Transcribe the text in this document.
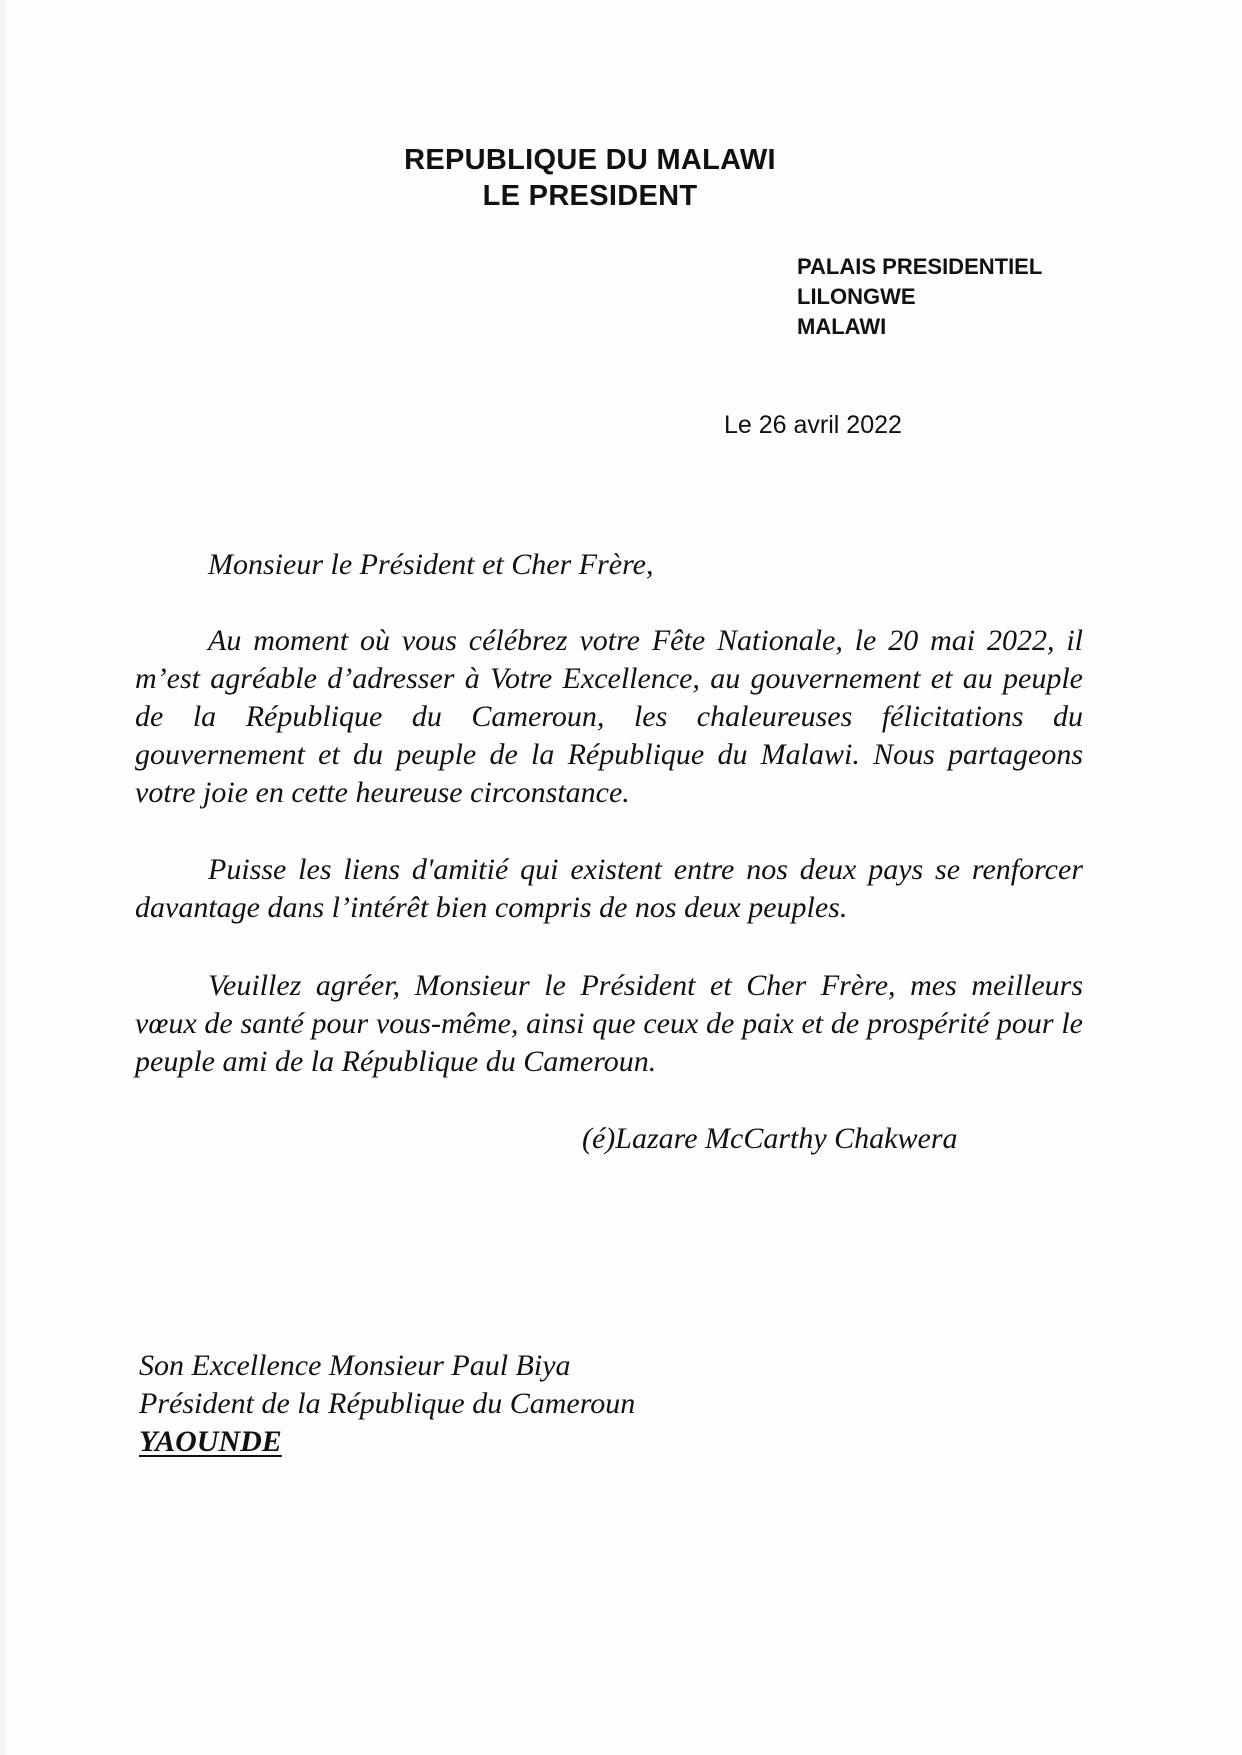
REPUBLIQUE DU MALAWI
LE PRESIDENT
PALAIS PRESIDENTIEL
LILONGWE
MALAWI
Le 26 avril 2022
Monsieur le Président et Cher Frère,

Au moment où vous célébrez votre Fête Nationale, le 20 mai 2022, il m’est agréable d’adresser à Votre Excellence, au gouvernement et au peuple de la République du Cameroun, les chaleureuses félicitations du gouvernement et du peuple de la République du Malawi. Nous partageons votre joie en cette heureuse circonstance.

Puisse les liens d'amitié qui existent entre nos deux pays se renforcer davantage dans l’intérêt bien compris de nos deux peuples.

Veuillez agréer, Monsieur le Président et Cher Frère, mes meilleurs vœux de santé pour vous-même, ainsi que ceux de paix et de prospérité pour le peuple ami de la République du Cameroun.

(é)Lazare McCarthy Chakwera
Son Excellence Monsieur Paul Biya
Président de la République du Cameroun
YAOUNDE
